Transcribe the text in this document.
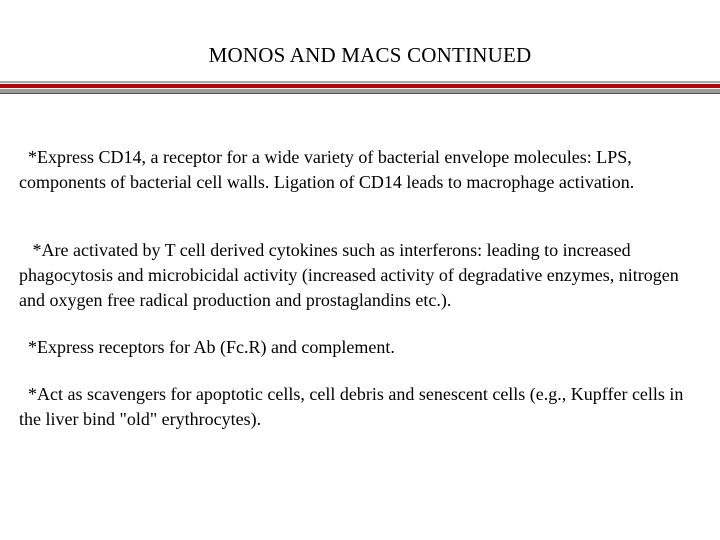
MONOS AND MACS CONTINUED

*Express CD14, a receptor for a wide variety of bacterial envelope molecules: LPS, components of bacterial cell walls. Ligation of CD14 leads to macrophage activation.

*Are activated by T cell derived cytokines such as interferons: leading to increased phagocytosis and microbicidal activity (increased activity of degradative enzymes, nitrogen and oxygen free radical production and prostaglandins etc.).

*Express receptors for Ab (Fc.R) and complement.

*Act as scavengers for apoptotic cells, cell debris and senescent cells (e.g., Kupffer cells in the liver bind "old" erythrocytes).
